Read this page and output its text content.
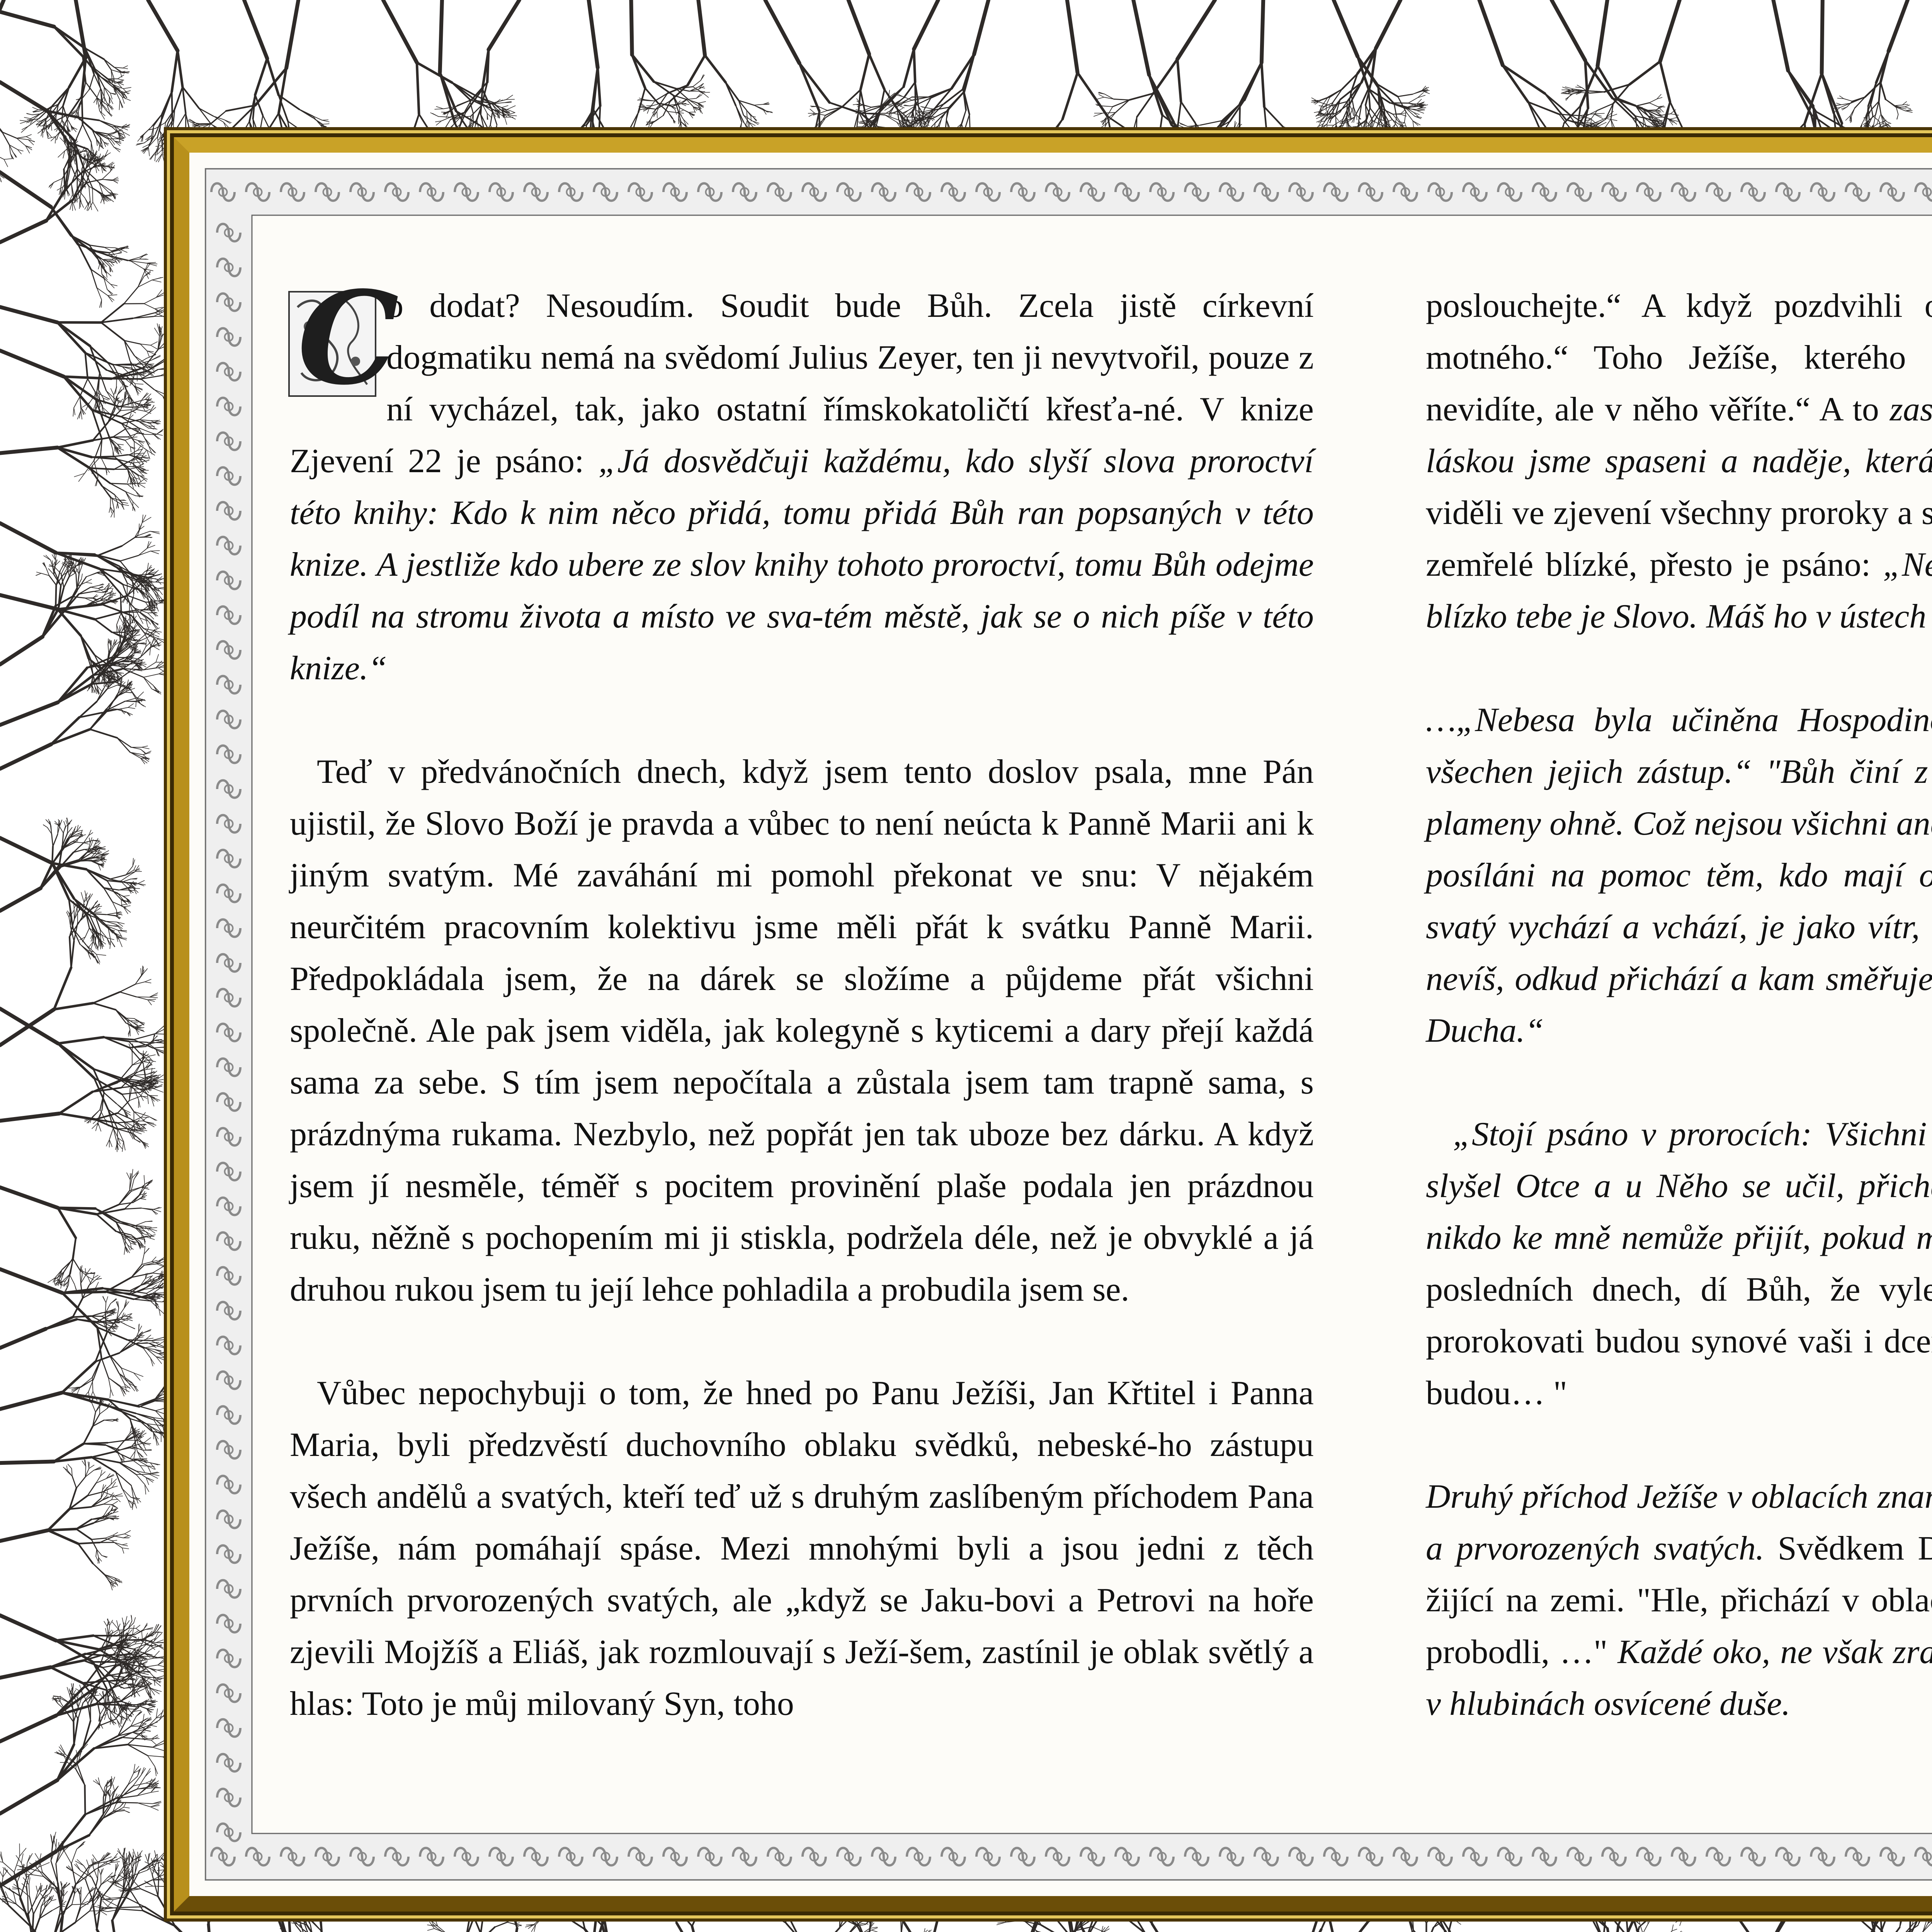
C
o dodat? Nesoudím. Soudit bude Bůh. Zcela jistě církevní dogmatiku nemá na svědomí Julius Zeyer, ten ji nevytvořil, pouze z ní vycházel, tak, jako ostatní římskokatoličtí křesťa-né. V knize Zjevení 22 je psáno: „Já dosvědčuji každému, kdo slyší slova proroctví této knihy: Kdo k nim něco přidá, tomu přidá Bůh ran popsaných v této knize. A jestliže kdo ubere ze slov knihy tohoto proroctví, tomu Bůh odejme podíl na stromu života a místo ve sva-tém městě, jak se o nich píše v této knize.“

Teď v předvánočních dnech, když jsem tento doslov psala, mne Pán ujistil, že Slovo Boží je pravda a vůbec to není neúcta k Panně Marii ani k jiným svatým. Mé zaváhání mi pomohl překonat ve snu: V nějakém neurčitém pracovním kolektivu jsme měli přát k svátku Panně Marii. Předpokládala jsem, že na dárek se složíme a půjdeme přát všichni společně. Ale pak jsem viděla, jak kolegyně s kyticemi a dary přejí každá sama za sebe. S tím jsem nepočítala a zůstala jsem tam trapně sama, s prázdnýma rukama. Nezbylo, než popřát jen tak uboze bez dárku. A když jsem jí nesměle, téměř s pocitem provinění plaše podala jen prázdnou ruku, něžně s pochopením mi ji stiskla, podržela déle, než je obvyklé a já druhou rukou jsem tu její lehce pohladila a probudila jsem se.

Vůbec nepochybuji o tom, že hned po Panu Ježíši, Jan Křtitel i Panna Maria, byli předzvěstí duchovního oblaku svědků, nebeské-ho zástupu všech andělů a svatých, kteří teď už s druhým zaslíbeným příchodem Pana Ježíše, nám pomáhají spáse. Mezi mnohými byli a jsou jedni z těch prvních prvorozených svatých, ale „když se Jaku-bovi a Petrovi na hoře zjevili Mojžíš a Eliáš, jak rozmlouvají s Ježí-šem, zastínil je oblak světlý a hlas: Toto je můj milovaný Syn, toho

poslouchejte.“ A když pozdvihli motného.“ Toho Ježíše, kterého nevidíte, ale v něho věříte.“ A to zas láskou jsme spaseni a naděje, která viděli ve zjevení všechny proroky a s zemřelé blízké, přesto je psáno: „N blízko tebe je Slovo. Máš ho v ústech

…„Nebesa byla učiněna Hospodin všechen jejich zástup.“ "Bůh činí z plameny ohně. Což nejsou všichni an posíláni na pomoc těm, kdo mají svatý vychází a vchází, je jako vítr, nevíš, odkud přichází a kam směřuje. Ducha.“

„Stojí psáno v prorocích: Všichni slyšel Otce a u Něho se učil, přich nikdo ke mně nemůže přijít, pokud posledních dnech, dí Bůh, že vyle prorokovati budou synové vaši i dce budou… "

Druhý příchod Ježíše v oblacích zna a prvorozených svatých. Svědkem D žijící na zemi. "Hle, přichází v obla probodli, …" Každé oko, ne však zr v hlubinách osvícené duše.
